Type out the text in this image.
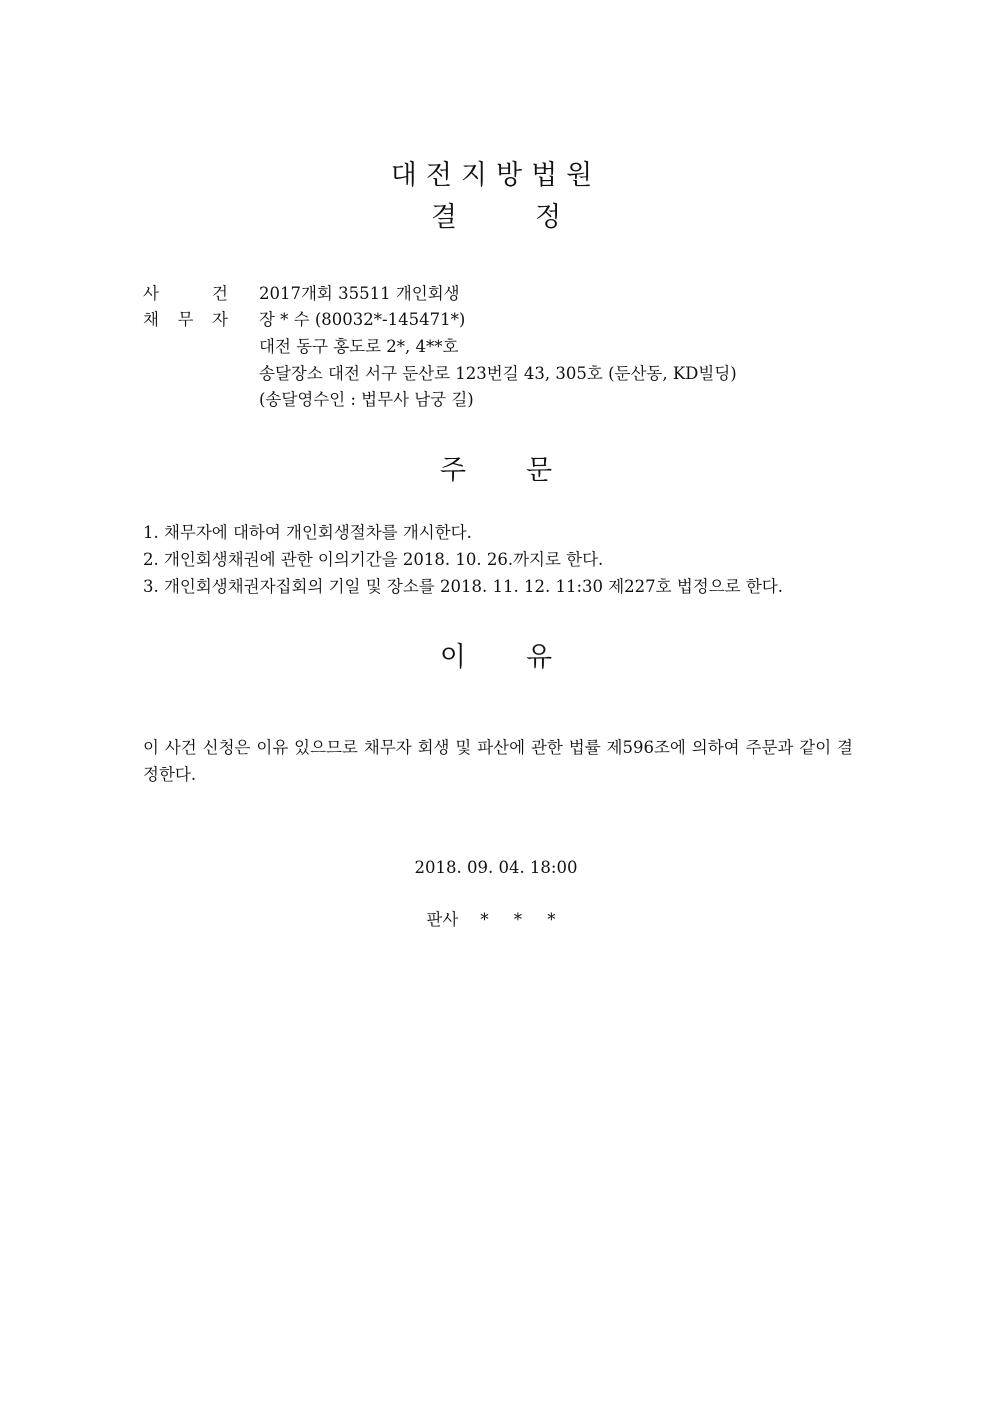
대전지방법원
결	정
사	건 2017개회 35511 개인회생
채 무 자 장 * 수 (80032*-145471*)
대전 동구 홍도로 2*, 4**호
송달장소 대전 서구 둔산로 123번길 43, 305호 (둔산동, KD빌딩)
(송달영수인 : 법무사 남궁 길)
주 문
1. 채무자에 대하여 개인회생절차를 개시한다.
2. 개인회생채권에 관한 이의기간을 2018. 10. 26.까지로 한다.
3. 개인회생채권자집회의 기일 및 장소를 2018. 11. 12. 11:30 제227호 법정으로 한다.
이 유
이 사건 신청은 이유 있으므로 채무자 회생 및 파산에 관한 법률 제596조에 의하여 주문과 같이 결정한다.
2018. 09. 04. 18:00
판사 * * *
